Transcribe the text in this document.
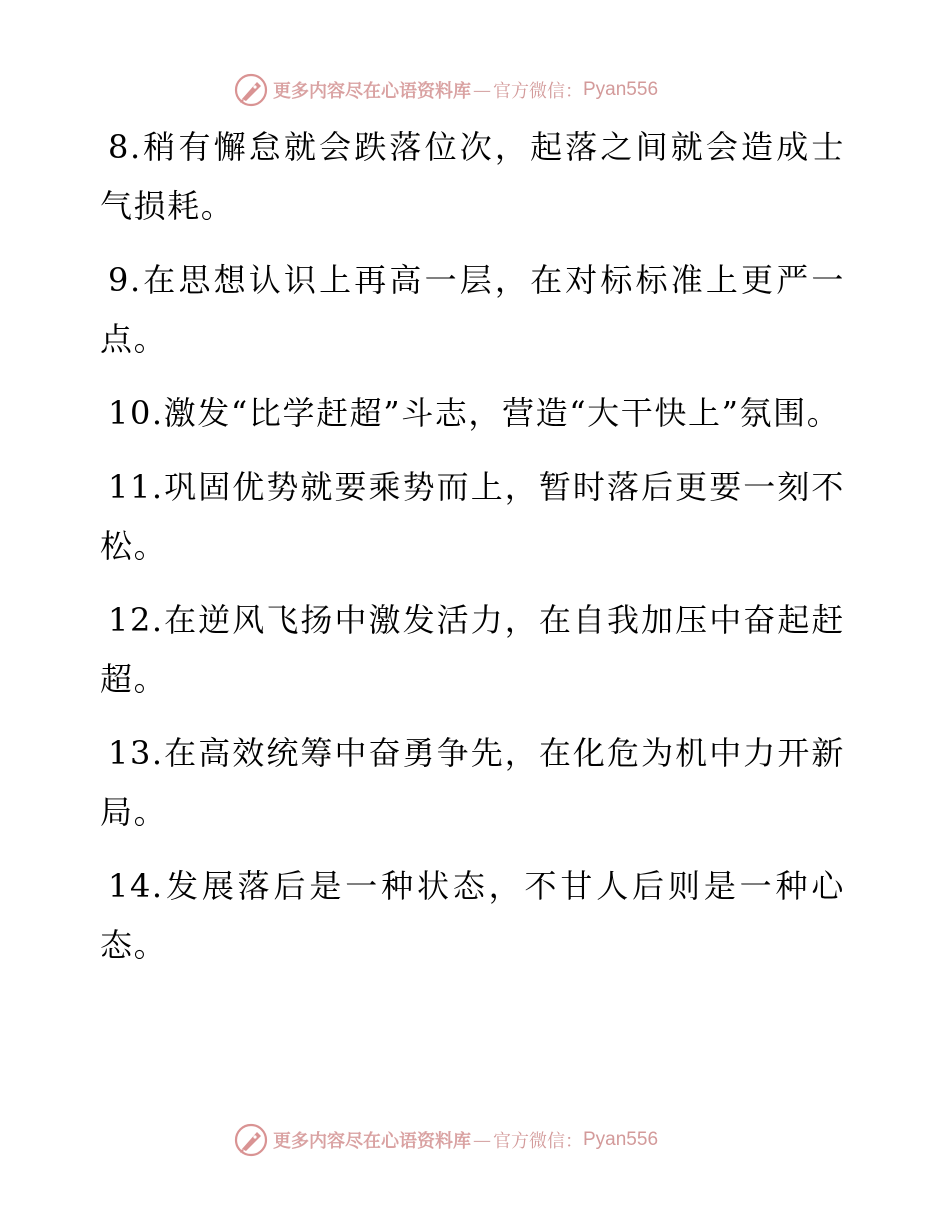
更多内容尽在心语资料库 — 官方微信： Pyan556

8.稍有懈怠就会跌落位次，起落之间就会造成士气损耗。

9.在思想认识上再高一层，在对标标准上更严一点。

10.激发“比学赶超”斗志，营造“大干快上”氛围。

11.巩固优势就要乘势而上，暂时落后更要一刻不松。

12.在逆风飞扬中激发活力，在自我加压中奋起赶超。

13.在高效统筹中奋勇争先，在化危为机中力开新局。

14.发展落后是一种状态，不甘人后则是一种心态。

更多内容尽在心语资料库 — 官方微信： Pyan556
